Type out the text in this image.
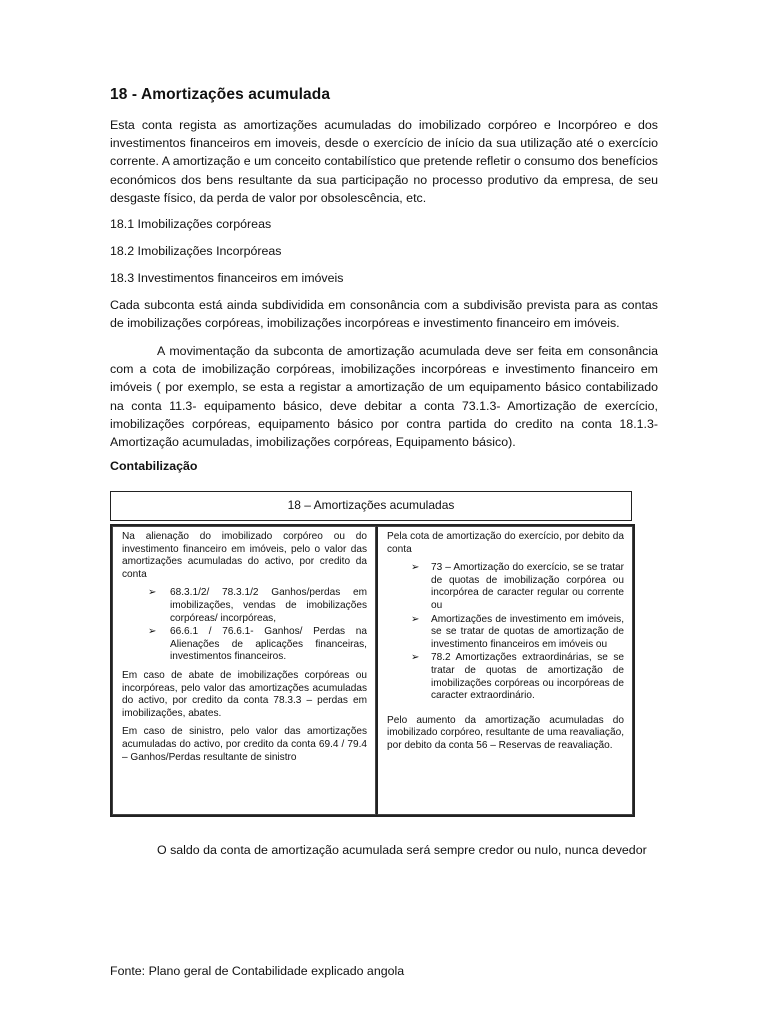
18 - Amortizações acumulada

Esta conta regista as amortizações acumuladas do imobilizado corpóreo e Incorpóreo e dos investimentos financeiros em imoveis, desde o exercício de início da sua utilização até o exercício corrente. A amortização e um conceito contabilístico que pretende refletir o consumo dos benefícios económicos dos bens resultante da sua participação no processo produtivo da empresa, de seu desgaste físico, da perda de valor por obsolescência, etc.

18.1 Imobilizações corpóreas

18.2 Imobilizações Incorpóreas

18.3 Investimentos financeiros em imóveis

Cada subconta está ainda subdividida em consonância com a subdivisão prevista para as contas de imobilizações corpóreas, imobilizações incorpóreas e investimento financeiro em imóveis.

A movimentação da subconta de amortização acumulada deve ser feita em consonância com a cota de imobilização corpóreas, imobilizações incorpóreas e investimento financeiro em imóveis ( por exemplo, se esta a registar a amortização de um equipamento básico contabilizado na conta 11.3- equipamento básico, deve debitar a conta 73.1.3- Amortização de exercício, imobilizações corpóreas, equipamento básico por contra partida do credito na conta 18.1.3- Amortização acumuladas, imobilizações corpóreas, Equipamento básico).

Contabilização

18 – Amortizações acumuladas

Na alienação do imobilizado corpóreo ou do investimento financeiro em imóveis, pelo o valor das amortizações acumuladas do activo, por credito da conta

➢ 68.3.1/2/ 78.3.1/2 Ganhos/perdas em imobilizações, vendas de imobilizações corpóreas/ incorpóreas,
➢ 66.6.1 / 76.6.1- Ganhos/ Perdas na Alienações de aplicações financeiras, investimentos financeiros.

Em caso de abate de imobilizações corpóreas ou incorpóreas, pelo valor das amortizações acumuladas do activo, por credito da conta 78.3.3 – perdas em imobilizações, abates.

Em caso de sinistro, pelo valor das amortizações acumuladas do activo, por credito da conta 69.4 / 79.4 – Ganhos/Perdas resultante de sinistro

Pela cota de amortização do exercício, por debito da conta

➢ 73 – Amortização do exercício, se se tratar de quotas de imobilização corpórea ou incorpórea de caracter regular ou corrente ou
➢ Amortizações de investimento em imóveis, se se tratar de quotas de amortização de investimento financeiros em imóveis ou
➢ 78.2 Amortizações extraordinárias, se se tratar de quotas de amortização de imobilizações corpóreas ou incorpóreas de caracter extraordinário.

Pelo aumento da amortização acumuladas do imobilizado corpóreo, resultante de uma reavaliação, por debito da conta 56 – Reservas de reavaliação.

O saldo da conta de amortização acumulada será sempre credor ou nulo, nunca devedor

Fonte: Plano geral de Contabilidade explicado angola
